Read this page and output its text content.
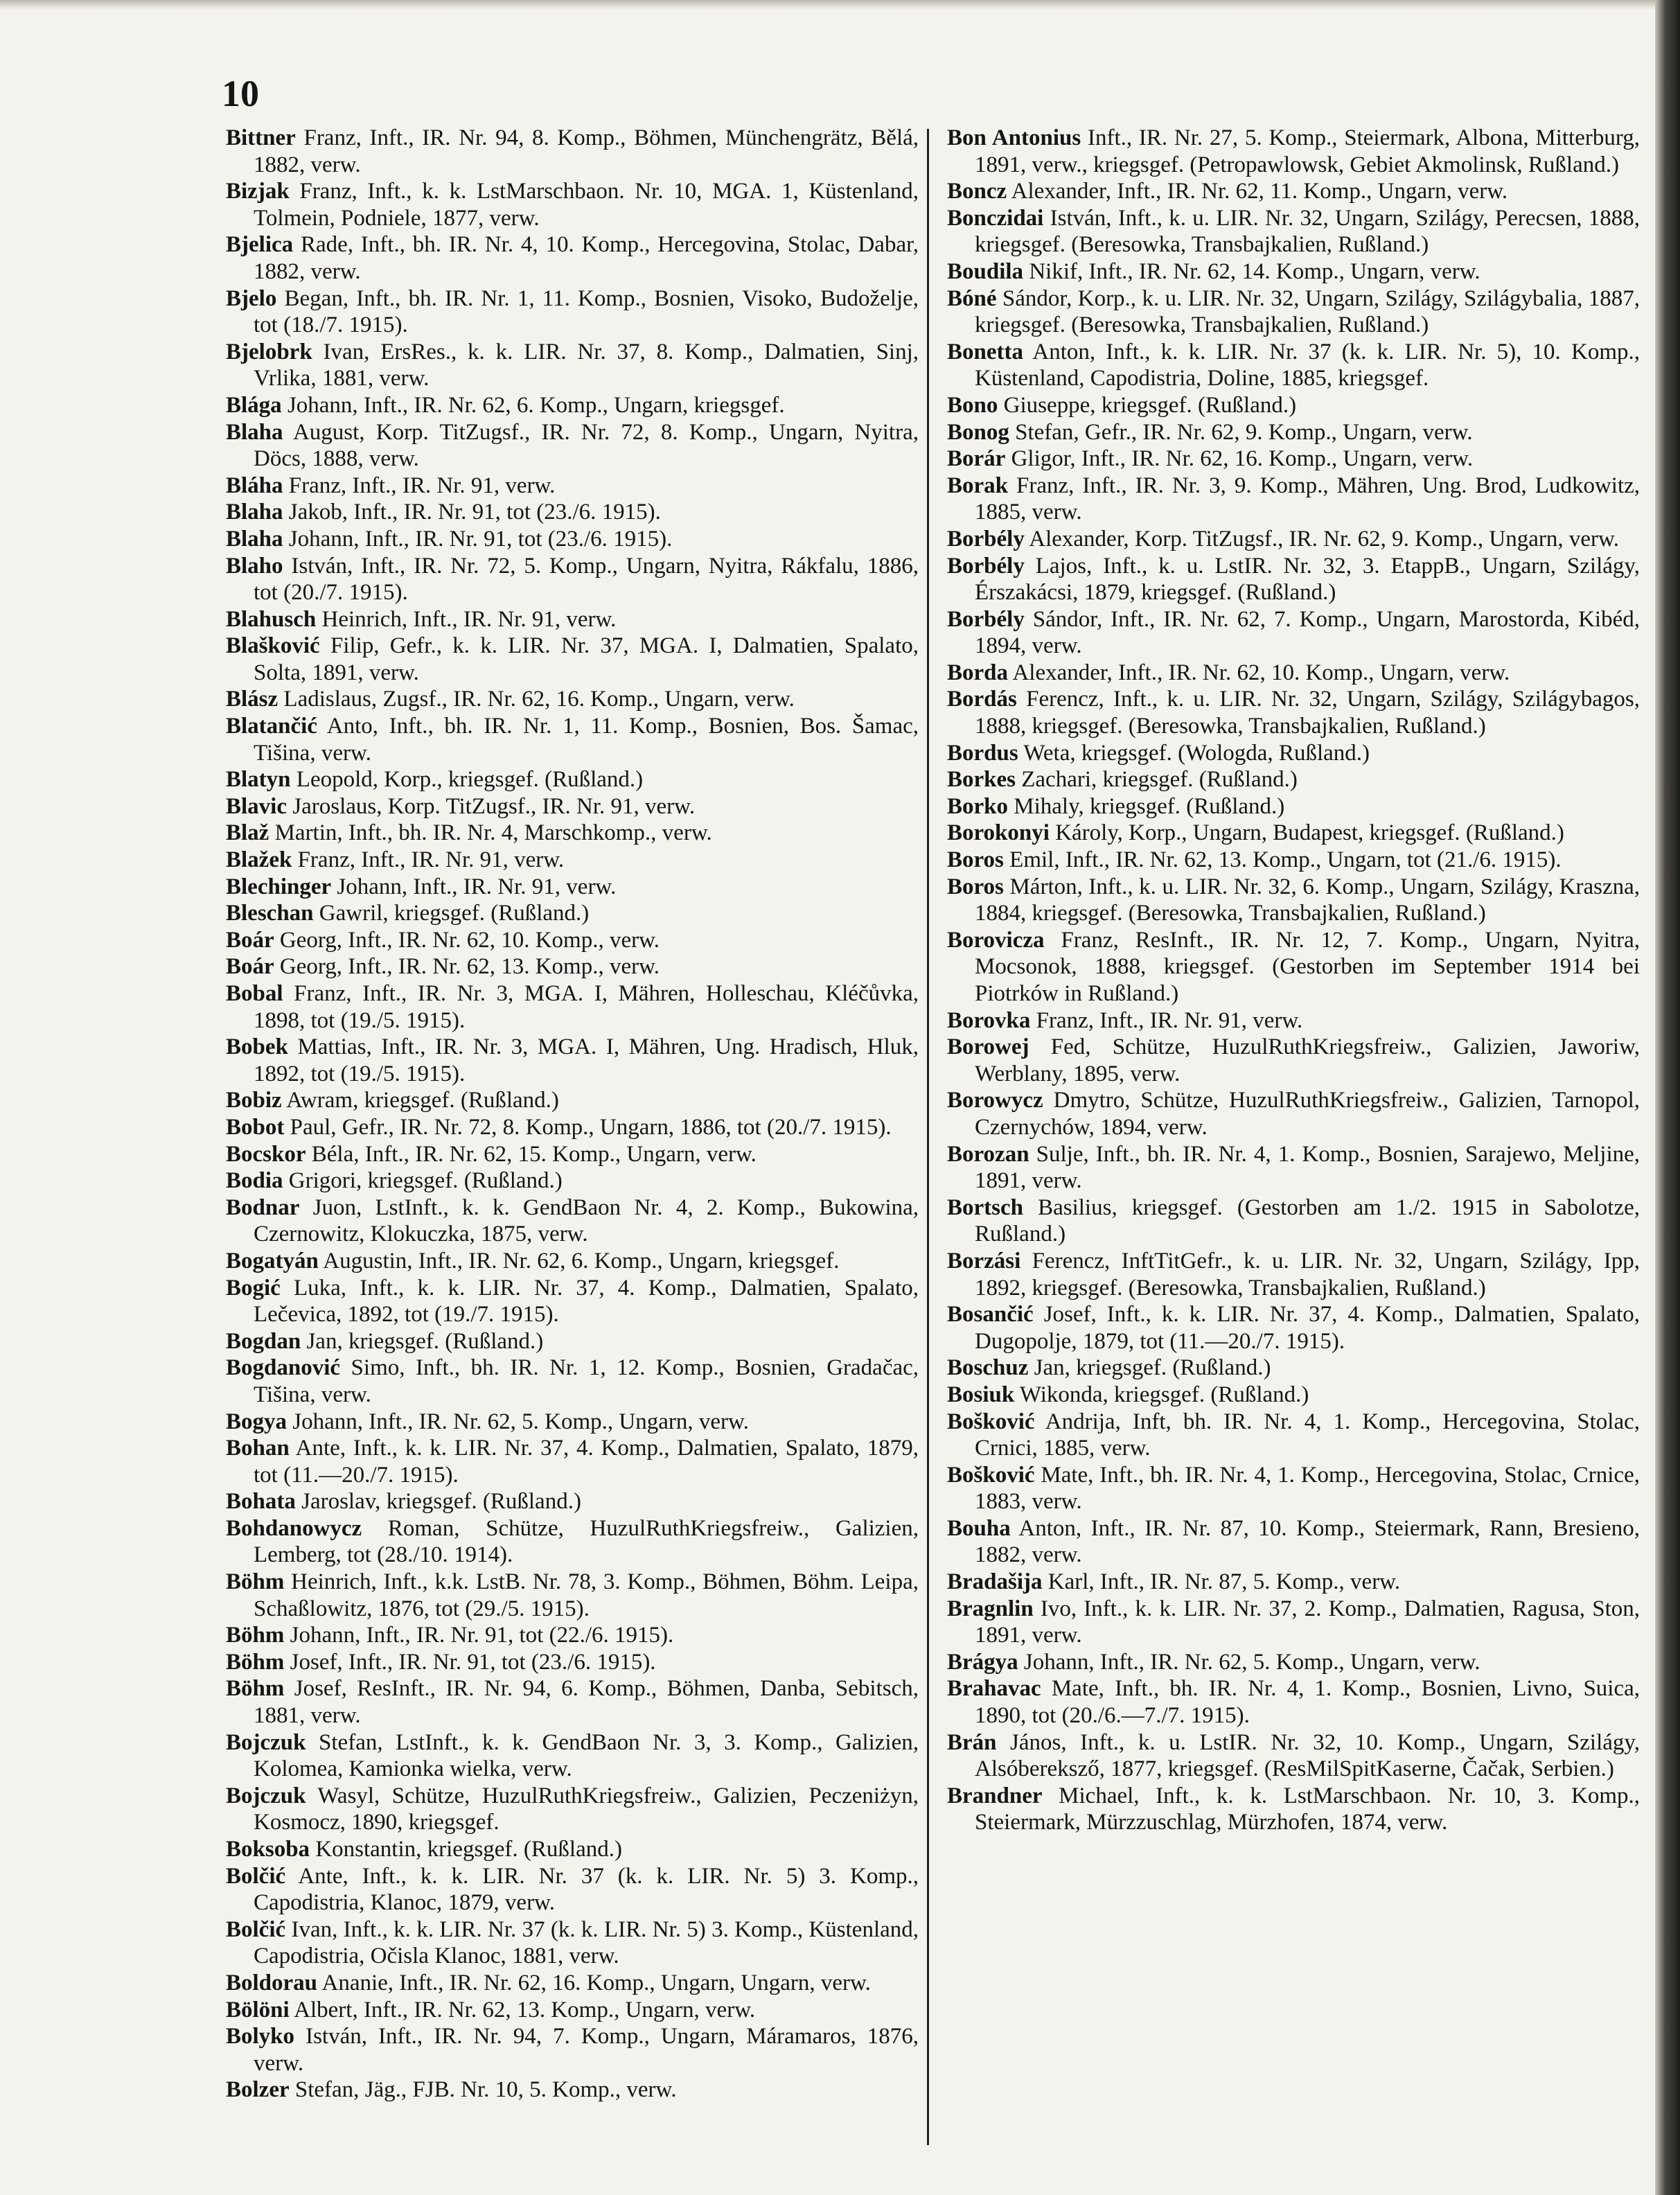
10

Bittner Franz, Inft., IR. Nr. 94, 8. Komp., Böhmen, Münchengrätz, Bělá, 1882, verw.

Bizjak Franz, Inft., k. k. LstMarschbaon. Nr. 10, MGA. 1, Küstenland, Tolmein, Podniele, 1877, verw.

Bjelica Rade, Inft., bh. IR. Nr. 4, 10. Komp., Hercegovina, Stolac, Dabar, 1882, verw.

Bjelo Began, Inft., bh. IR. Nr. 1, 11. Komp., Bosnien, Visoko, Budoželje, tot (18./7. 1915).

Bjelobrk Ivan, ErsRes., k. k. LIR. Nr. 37, 8. Komp., Dalmatien, Sinj, Vrlika, 1881, verw.

Blága Johann, Inft., IR. Nr. 62, 6. Komp., Ungarn, kriegsgef.

Blaha August, Korp. TitZugsf., IR. Nr. 72, 8. Komp., Ungarn, Nyitra, Döcs, 1888, verw.

Bláha Franz, Inft., IR. Nr. 91, verw.

Blaha Jakob, Inft., IR. Nr. 91, tot (23./6. 1915).

Blaha Johann, Inft., IR. Nr. 91, tot (23./6. 1915).

Blaho István, Inft., IR. Nr. 72, 5. Komp., Ungarn, Nyitra, Rákfalu, 1886, tot (20./7. 1915).

Blahusch Heinrich, Inft., IR. Nr. 91, verw.

Blašković Filip, Gefr., k. k. LIR. Nr. 37, MGA. I, Dalmatien, Spalato, Solta, 1891, verw.

Blász Ladislaus, Zugsf., IR. Nr. 62, 16. Komp., Ungarn, verw.

Blatančić Anto, Inft., bh. IR. Nr. 1, 11. Komp., Bosnien, Bos. Šamac, Tišina, verw.

Blatyn Leopold, Korp., kriegsgef. (Rußland.)

Blavic Jaroslaus, Korp. TitZugsf., IR. Nr. 91, verw.

Blaž Martin, Inft., bh. IR. Nr. 4, Marschkomp., verw.

Blažek Franz, Inft., IR. Nr. 91, verw.

Blechinger Johann, Inft., IR. Nr. 91, verw.

Bleschan Gawril, kriegsgef. (Rußland.)

Boár Georg, Inft., IR. Nr. 62, 10. Komp., verw.

Boár Georg, Inft., IR. Nr. 62, 13. Komp., verw.

Bobal Franz, Inft., IR. Nr. 3, MGA. I, Mähren, Holleschau, Kléčůvka, 1898, tot (19./5. 1915).

Bobek Mattias, Inft., IR. Nr. 3, MGA. I, Mähren, Ung. Hradisch, Hluk, 1892, tot (19./5. 1915).

Bobiz Awram, kriegsgef. (Rußland.)

Bobot Paul, Gefr., IR. Nr. 72, 8. Komp., Ungarn, 1886, tot (20./7. 1915).

Bocskor Béla, Inft., IR. Nr. 62, 15. Komp., Ungarn, verw.

Bodia Grigori, kriegsgef. (Rußland.)

Bodnar Juon, LstInft., k. k. GendBaon Nr. 4, 2. Komp., Bukowina, Czernowitz, Klokuczka, 1875, verw.

Bogatyán Augustin, Inft., IR. Nr. 62, 6. Komp., Ungarn, kriegsgef.

Bogić Luka, Inft., k. k. LIR. Nr. 37, 4. Komp., Dalmatien, Spalato, Lečevica, 1892, tot (19./7. 1915).

Bogdan Jan, kriegsgef. (Rußland.)

Bogdanović Simo, Inft., bh. IR. Nr. 1, 12. Komp., Bosnien, Gradačac, Tišina, verw.

Bogya Johann, Inft., IR. Nr. 62, 5. Komp., Ungarn, verw.

Bohan Ante, Inft., k. k. LIR. Nr. 37, 4. Komp., Dalmatien, Spalato, 1879, tot (11.—20./7. 1915).

Bohata Jaroslav, kriegsgef. (Rußland.)

Bohdanowycz Roman, Schütze, HuzulRuthKriegsfreiw., Galizien, Lemberg, tot (28./10. 1914).

Böhm Heinrich, Inft., k.k. LstB. Nr. 78, 3. Komp., Böhmen, Böhm. Leipa, Schaßlowitz, 1876, tot (29./5. 1915).

Böhm Johann, Inft., IR. Nr. 91, tot (22./6. 1915).

Böhm Josef, Inft., IR. Nr. 91, tot (23./6. 1915).

Böhm Josef, ResInft., IR. Nr. 94, 6. Komp., Böhmen, Danba, Sebitsch, 1881, verw.

Bojczuk Stefan, LstInft., k. k. GendBaon Nr. 3, 3. Komp., Galizien, Kolomea, Kamionka wielka, verw.

Bojczuk Wasyl, Schütze, HuzulRuthKriegsfreiw., Galizien, Peczeniżyn, Kosmocz, 1890, kriegsgef.

Boksoba Konstantin, kriegsgef. (Rußland.)

Bolčić Ante, Inft., k. k. LIR. Nr. 37 (k. k. LIR. Nr. 5) 3. Komp., Capodistria, Klanoc, 1879, verw.

Bolčić Ivan, Inft., k. k. LIR. Nr. 37 (k. k. LIR. Nr. 5) 3. Komp., Küstenland, Capodistria, Očisla Klanoc, 1881, verw.

Boldorau Ananie, Inft., IR. Nr. 62, 16. Komp., Ungarn, Ungarn, verw.

Bölöni Albert, Inft., IR. Nr. 62, 13. Komp., Ungarn, verw.

Bolyko István, Inft., IR. Nr. 94, 7. Komp., Ungarn, Máramaros, 1876, verw.

Bolzer Stefan, Jäg., FJB. Nr. 10, 5. Komp., verw.

Bon Antonius Inft., IR. Nr. 27, 5. Komp., Steiermark, Albona, Mitterburg, 1891, verw., kriegsgef. (Petropawlowsk, Gebiet Akmolinsk, Rußland.)

Boncz Alexander, Inft., IR. Nr. 62, 11. Komp., Ungarn, verw.

Bonczidai István, Inft., k. u. LIR. Nr. 32, Ungarn, Szilágy, Perecsen, 1888, kriegsgef. (Beresowka, Transbajkalien, Rußland.)

Boudila Nikif, Inft., IR. Nr. 62, 14. Komp., Ungarn, verw.

Bóné Sándor, Korp., k. u. LIR. Nr. 32, Ungarn, Szilágy, Szilágybalia, 1887, kriegsgef. (Beresowka, Transbajkalien, Rußland.)

Bonetta Anton, Inft., k. k. LIR. Nr. 37 (k. k. LIR. Nr. 5), 10. Komp., Küstenland, Capodistria, Doline, 1885, kriegsgef.

Bono Giuseppe, kriegsgef. (Rußland.)

Bonog Stefan, Gefr., IR. Nr. 62, 9. Komp., Ungarn, verw.

Borár Gligor, Inft., IR. Nr. 62, 16. Komp., Ungarn, verw.

Borak Franz, Inft., IR. Nr. 3, 9. Komp., Mähren, Ung. Brod, Ludkowitz, 1885, verw.

Borbély Alexander, Korp. TitZugsf., IR. Nr. 62, 9. Komp., Ungarn, verw.

Borbély Lajos, Inft., k. u. LstIR. Nr. 32, 3. EtappB., Ungarn, Szilágy, Érszakácsi, 1879, kriegsgef. (Rußland.)

Borbély Sándor, Inft., IR. Nr. 62, 7. Komp., Ungarn, Marostorda, Kibéd, 1894, verw.

Borda Alexander, Inft., IR. Nr. 62, 10. Komp., Ungarn, verw.

Bordás Ferencz, Inft., k. u. LIR. Nr. 32, Ungarn, Szilágy, Szilágybagos, 1888, kriegsgef. (Beresowka, Transbajkalien, Rußland.)

Bordus Weta, kriegsgef. (Wologda, Rußland.)

Borkes Zachari, kriegsgef. (Rußland.)

Borko Mihaly, kriegsgef. (Rußland.)

Borokonyi Károly, Korp., Ungarn, Budapest, kriegsgef. (Rußland.)

Boros Emil, Inft., IR. Nr. 62, 13. Komp., Ungarn, tot (21./6. 1915).

Boros Márton, Inft., k. u. LIR. Nr. 32, 6. Komp., Ungarn, Szilágy, Kraszna, 1884, kriegsgef. (Beresowka, Transbajkalien, Rußland.)

Borovicza Franz, ResInft., IR. Nr. 12, 7. Komp., Ungarn, Nyitra, Mocsonok, 1888, kriegsgef. (Gestorben im September 1914 bei Piotrków in Rußland.)

Borovka Franz, Inft., IR. Nr. 91, verw.

Borowej Fed, Schütze, HuzulRuthKriegsfreiw., Galizien, Jaworiw, Werblany, 1895, verw.

Borowycz Dmytro, Schütze, HuzulRuthKriegsfreiw., Galizien, Tarnopol, Czernychów, 1894, verw.

Borozan Sulje, Inft., bh. IR. Nr. 4, 1. Komp., Bosnien, Sarajewo, Meljine, 1891, verw.

Bortsch Basilius, kriegsgef. (Gestorben am 1./2. 1915 in Sabolotze, Rußland.)

Borzási Ferencz, InftTitGefr., k. u. LIR. Nr. 32, Ungarn, Szilágy, Ipp, 1892, kriegsgef. (Beresowka, Transbajkalien, Rußland.)

Bosančić Josef, Inft., k. k. LIR. Nr. 37, 4. Komp., Dalmatien, Spalato, Dugopolje, 1879, tot (11.—20./7. 1915).

Boschuz Jan, kriegsgef. (Rußland.)

Bosiuk Wikonda, kriegsgef. (Rußland.)

Bošković Andrija, Inft, bh. IR. Nr. 4, 1. Komp., Hercegovina, Stolac, Crnici, 1885, verw.

Bošković Mate, Inft., bh. IR. Nr. 4, 1. Komp., Hercegovina, Stolac, Crnice, 1883, verw.

Bouha Anton, Inft., IR. Nr. 87, 10. Komp., Steiermark, Rann, Bresieno, 1882, verw.

Bradašija Karl, Inft., IR. Nr. 87, 5. Komp., verw.

Bragnlin Ivo, Inft., k. k. LIR. Nr. 37, 2. Komp., Dalmatien, Ragusa, Ston, 1891, verw.

Brágya Johann, Inft., IR. Nr. 62, 5. Komp., Ungarn, verw.

Brahavac Mate, Inft., bh. IR. Nr. 4, 1. Komp., Bosnien, Livno, Suica, 1890, tot (20./6.—7./7. 1915).

Brán János, Inft., k. u. LstIR. Nr. 32, 10. Komp., Ungarn, Szilágy, Alsóbereksző, 1877, kriegsgef. (ResMilSpitKaserne, Čačak, Serbien.)

Brandner Michael, Inft., k. k. LstMarschbaon. Nr. 10, 3. Komp., Steiermark, Mürzzuschlag, Mürzhofen, 1874, verw.
